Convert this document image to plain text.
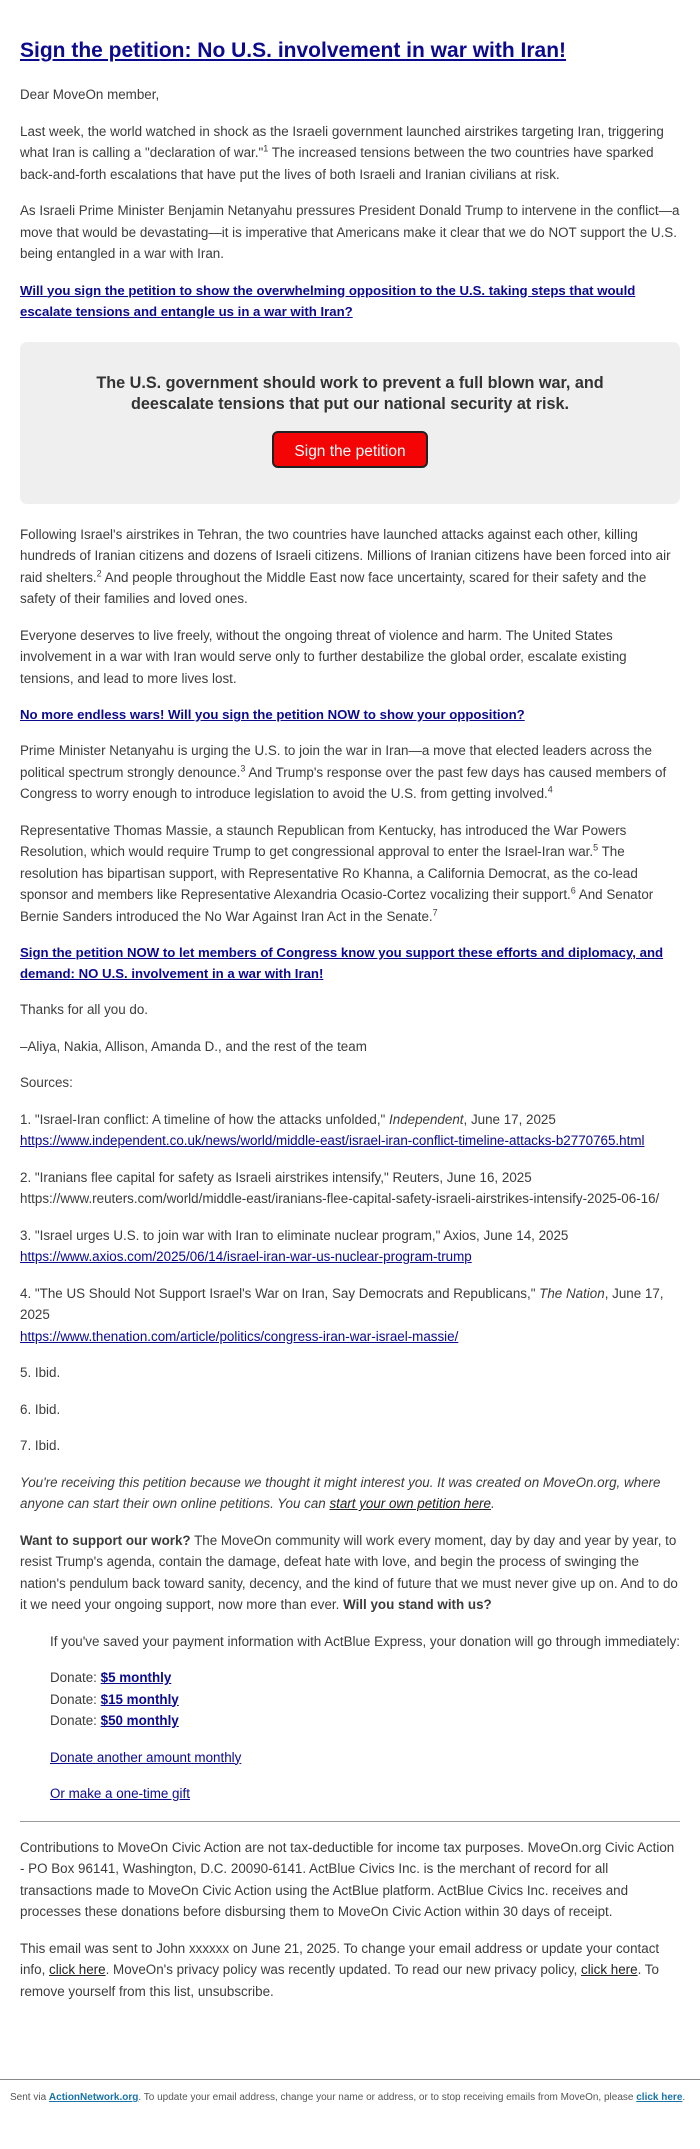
Sign the petition: No U.S. involvement in war with Iran!

Dear MoveOn member,

Last week, the world watched in shock as the Israeli government launched airstrikes targeting Iran, triggering what Iran is calling a "declaration of war."$^1$ The increased tensions between the two countries have sparked back-and-forth escalations that have put the lives of both Israeli and Iranian civilians at risk.

As Israeli Prime Minister Benjamin Netanyahu pressures President Donald Trump to intervene in the conflict—a move that would be devastating—it is imperative that Americans make it clear that we do NOT support the U.S. being entangled in a war with Iran.

Will you sign the petition to show the overwhelming opposition to the U.S. taking steps that would escalate tensions and entangle us in a war with Iran?

The U.S. government should work to prevent a full blown war, and deescalate tensions that put our national security at risk.
Sign the petition

Following Israel's airstrikes in Tehran, the two countries have launched attacks against each other, killing hundreds of Iranian citizens and dozens of Israeli citizens. Millions of Iranian citizens have been forced into air raid shelters.$^2$ And people throughout the Middle East now face uncertainty, scared for their safety and the safety of their families and loved ones.

Everyone deserves to live freely, without the ongoing threat of violence and harm. The United States involvement in a war with Iran would serve only to further destabilize the global order, escalate existing tensions, and lead to more lives lost.

No more endless wars! Will you sign the petition NOW to show your opposition?

Prime Minister Netanyahu is urging the U.S. to join the war in Iran—a move that elected leaders across the political spectrum strongly denounce.$^3$ And Trump's response over the past few days has caused members of Congress to worry enough to introduce legislation to avoid the U.S. from getting involved.$^4$

Representative Thomas Massie, a staunch Republican from Kentucky, has introduced the War Powers Resolution, which would require Trump to get congressional approval to enter the Israel-Iran war.$^5$ The resolution has bipartisan support, with Representative Ro Khanna, a California Democrat, as the co-lead sponsor and members like Representative Alexandria Ocasio-Cortez vocalizing their support.$^6$ And Senator Bernie Sanders introduced the No War Against Iran Act in the Senate.$^7$

Sign the petition NOW to let members of Congress know you support these efforts and diplomacy, and demand: NO U.S. involvement in a war with Iran!

Thanks for all you do.

–Aliya, Nakia, Allison, Amanda D., and the rest of the team

Sources:

1. "Israel-Iran conflict: A timeline of how the attacks unfolded," Independent, June 17, 2025
https://www.independent.co.uk/news/world/middle-east/israel-iran-conflict-timeline-attacks-b2770765.html

2. "Iranians flee capital for safety as Israeli airstrikes intensify," Reuters, June 16, 2025
https://www.reuters.com/world/middle-east/iranians-flee-capital-safety-israeli-airstrikes-intensify-2025-06-16/

3. "Israel urges U.S. to join war with Iran to eliminate nuclear program," Axios, June 14, 2025
https://www.axios.com/2025/06/14/israel-iran-war-us-nuclear-program-trump

4. "The US Should Not Support Israel's War on Iran, Say Democrats and Republicans," The Nation, June 17, 2025
https://www.thenation.com/article/politics/congress-iran-war-israel-massie/

5. Ibid.

6. Ibid.

7. Ibid.

You're receiving this petition because we thought it might interest you. It was created on MoveOn.org, where anyone can start their own online petitions. You can start your own petition here.

Want to support our work? The MoveOn community will work every moment, day by day and year by year, to resist Trump's agenda, contain the damage, defeat hate with love, and begin the process of swinging the nation's pendulum back toward sanity, decency, and the kind of future that we must never give up on. And to do it we need your ongoing support, now more than ever. Will you stand with us?

If you've saved your payment information with ActBlue Express, your donation will go through immediately:

Donate: $5 monthly
Donate: $15 monthly
Donate: $50 monthly

Donate another amount monthly

Or make a one-time gift

Contributions to MoveOn Civic Action are not tax-deductible for income tax purposes. MoveOn.org Civic Action - PO Box 96141, Washington, D.C. 20090-6141. ActBlue Civics Inc. is the merchant of record for all transactions made to MoveOn Civic Action using the ActBlue platform. ActBlue Civics Inc. receives and processes these donations before disbursing them to MoveOn Civic Action within 30 days of receipt.

This email was sent to John xxxxxx on June 21, 2025. To change your email address or update your contact info, click here. MoveOn's privacy policy was recently updated. To read our new privacy policy, click here. To remove yourself from this list, unsubscribe.

Sent via ActionNetwork.org. To update your email address, change your name or address, or to stop receiving emails from MoveOn, please click here.
